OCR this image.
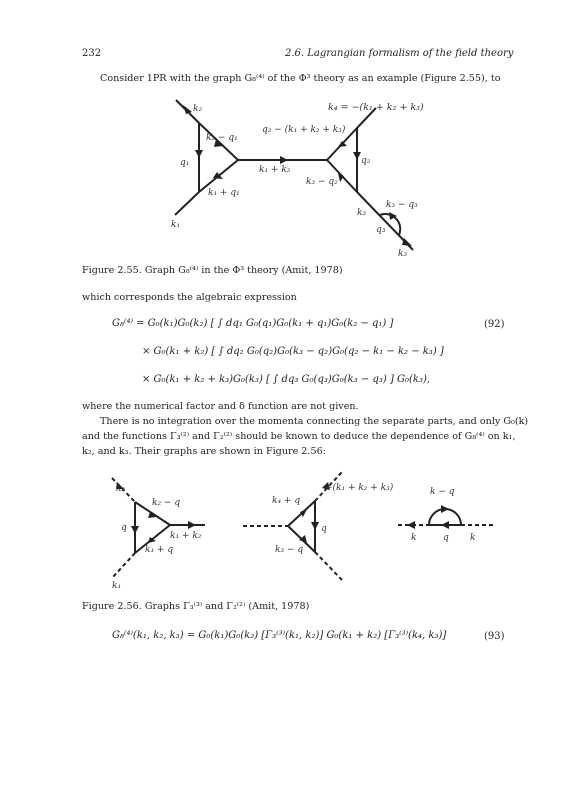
232	2.6. Lagrangian formalism of the field theory
Consider 1PR with the graph G₈⁽⁴⁾ of the Φ³ theory as an example (Figure 2.55), to
k₂	k₄ = −(k₁ + k₂ + k₃)
q₂ − (k₁ + k₂ + k₃)
k₂ − q₁
q₁	q₂
k₁ + k₂
k₃ − q₂
k₁ + q₁
k₁
k₃ − q₃
k₃
q₃
k₃
Figure 2.55. Graph G₈⁽⁴⁾ in the Φ³ theory (Amit, 1978)
which corresponds the algebraic expression
G₈⁽⁴⁾ = G₀(k₁)G₀(k₂) [ ∫ dq₁ G₀(q₁)G₀(k₁ + q₁)G₀(k₂ − q₁) ]
× G₀(k₁ + k₂) [ ∫ dq₂ G₀(q₂)G₀(k₃ − q₂)G₀(q₂ − k₁ − k₂ − k₃) ]
× G₀(k₁ + k₂ + k₃)G₀(k₃) [ ∫ dq₃ G₀(q₃)G₀(k₃ − q₃) ] G₀(k₃),
(92)
where the numerical factor and δ function are not given.
There is no integration over the momenta connecting the separate parts, and only G₀(k)
and the functions Γ₃⁽²⁾ and Γ₂⁽²⁾ should be known to deduce the dependence of G₈⁽⁴⁾ on k₁,
k₂, and k₃. Their graphs are shown in Figure 2.56:
k₂
k₂ − q
q
k₁ + k₂
k₁ + q
k₁
−(k₁ + k₂ + k₃)
k₄ + q
q
k₃ − q
k − q
k	q k
Figure 2.56. Graphs Γ₃⁽³⁾ and Γ₂⁽²⁾ (Amit, 1978)
G₈⁽⁴⁾(k₁, k₂, k₃) = G₀(k₁)G₀(k₂) [Γ₃⁽³⁾(k₁, k₂)] G₀(k₁ + k₂) [Γ₃⁽³⁾(k₄, k₃)]	(93)
